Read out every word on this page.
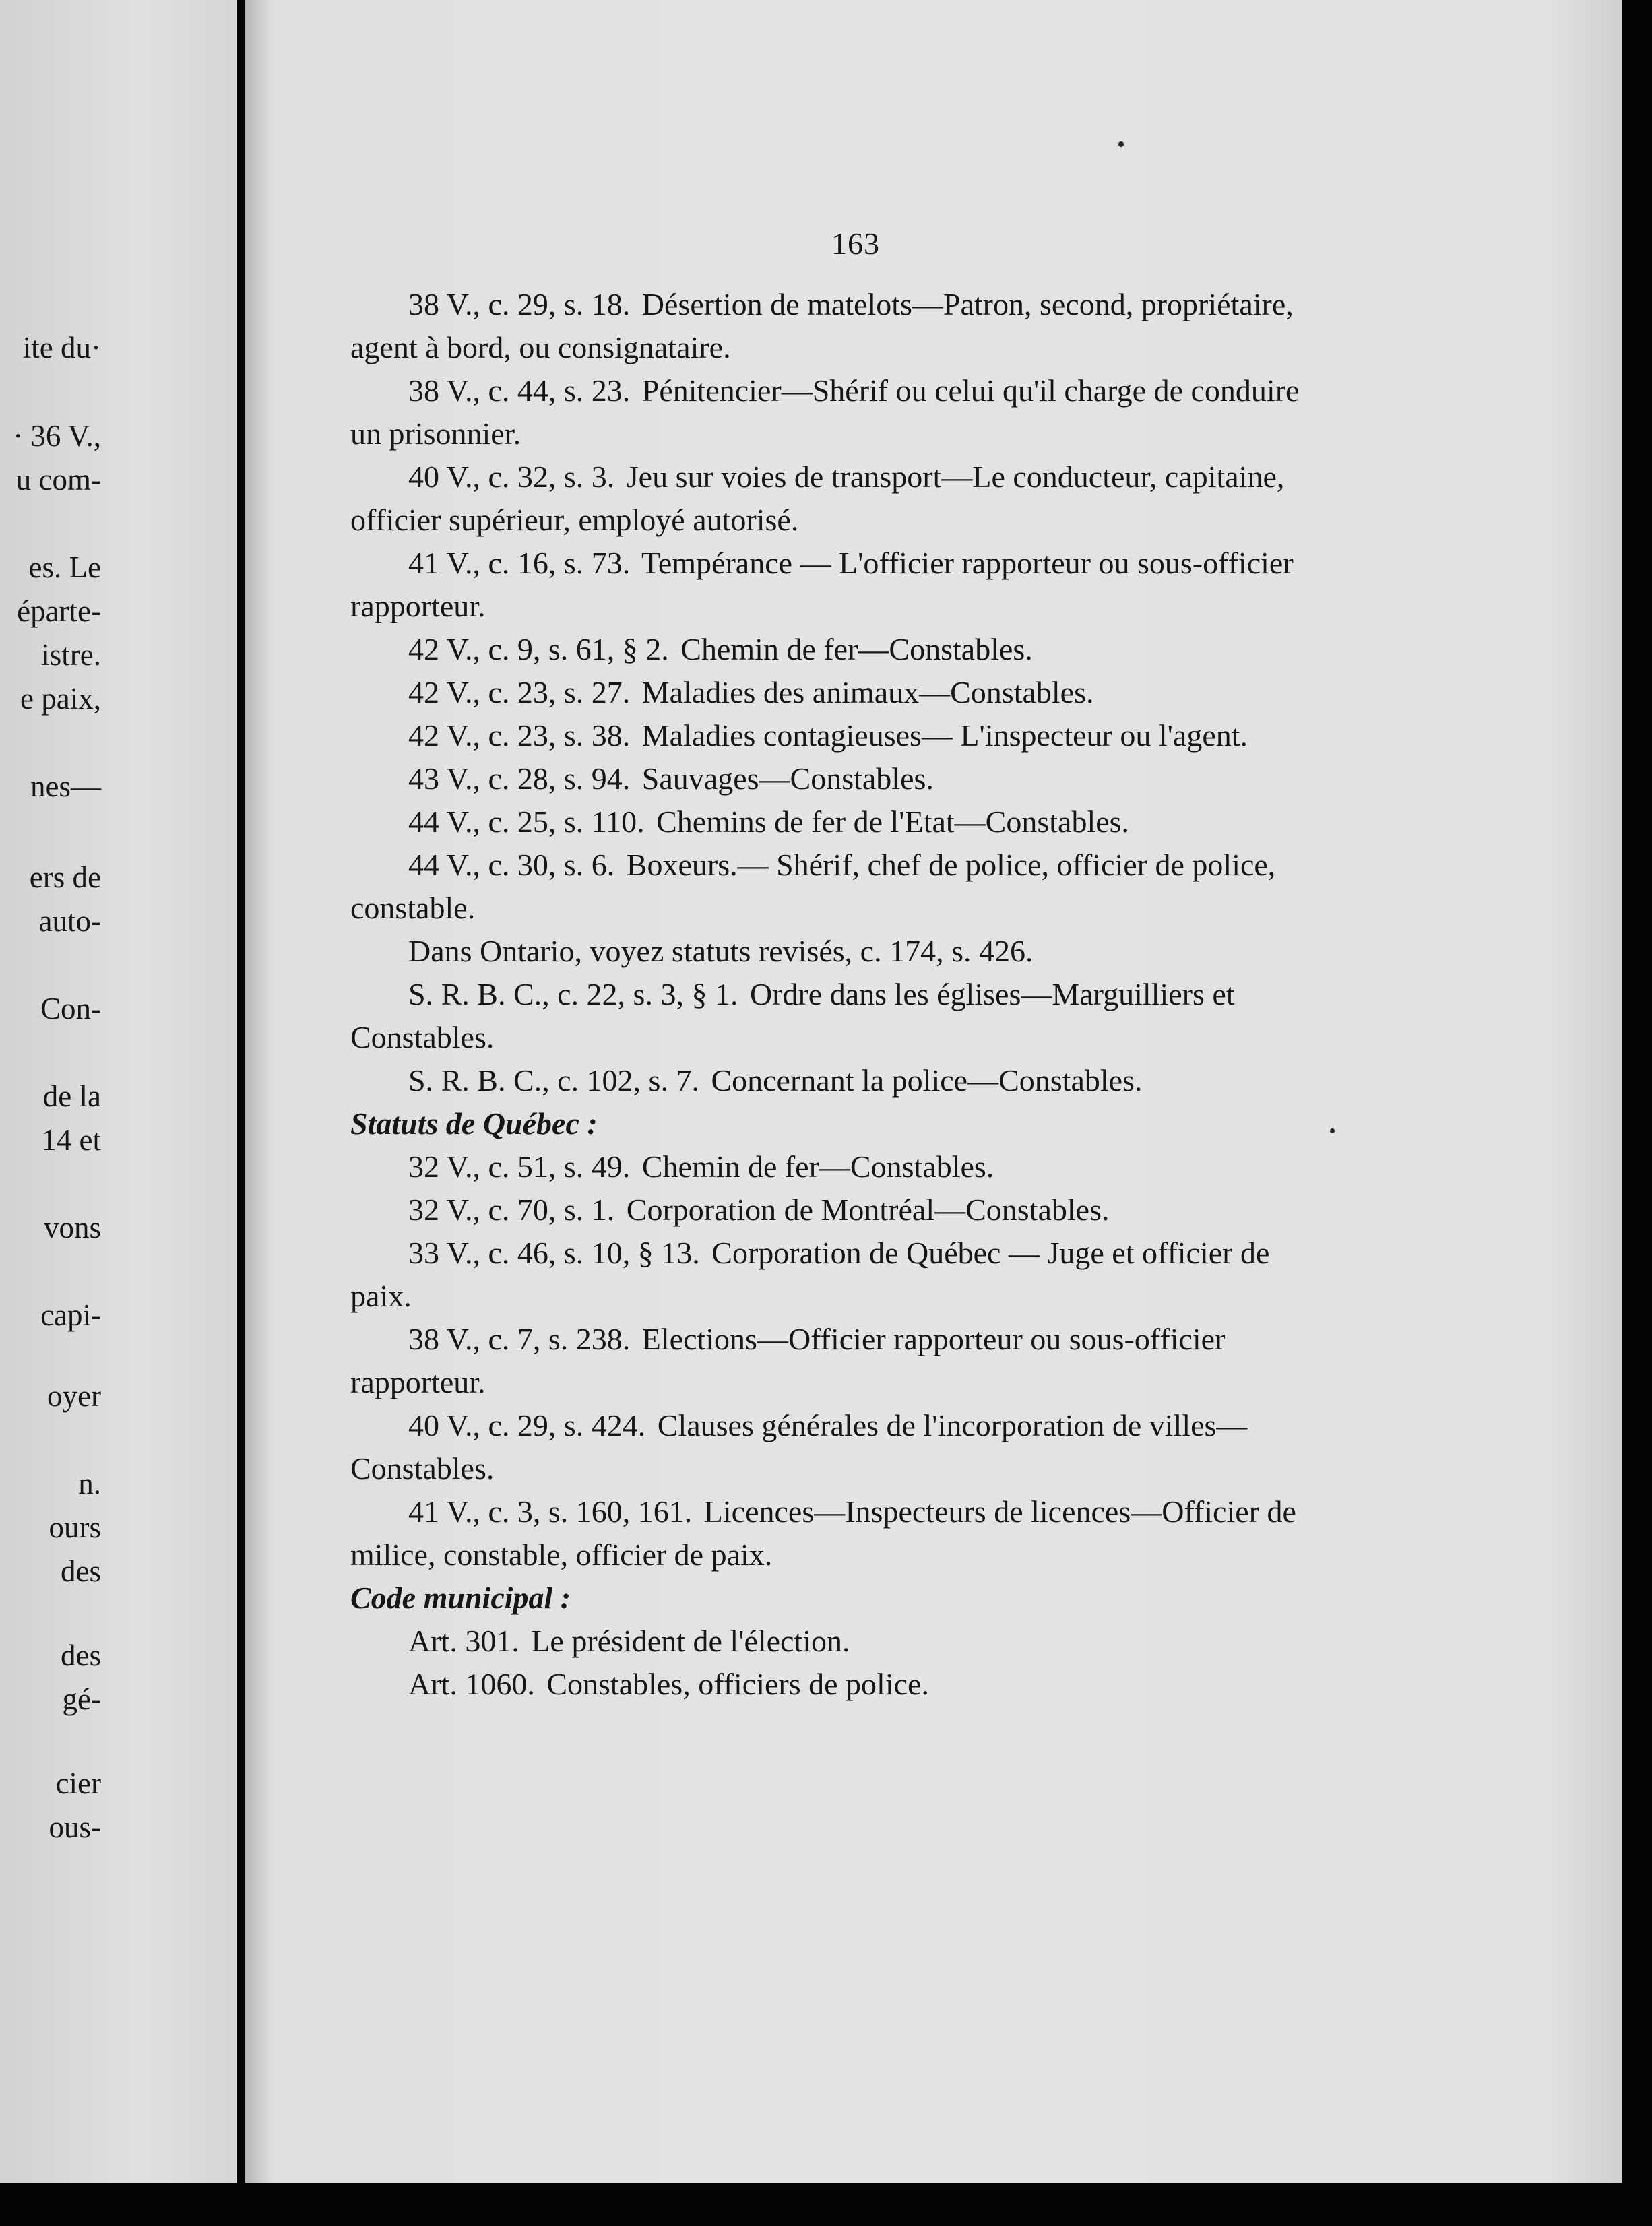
ite du·
· 36 V.,
u com-
es. Le
éparte-
istre.
e paix,
nes—
ers de
auto-
Con-
de la
14 et
vons
capi-
oyer
n.
ours
des
des
gé-
cier
ous-
163

38 V., c. 29, s. 18. Désertion de matelots—Patron, second, propriétaire, agent à bord, ou consignataire.

38 V., c. 44, s. 23. Pénitencier—Shérif ou celui qu'il charge de conduire un prisonnier.

40 V., c. 32, s. 3. Jeu sur voies de transport—Le conducteur, capitaine, officier supérieur, employé autorisé.

41 V., c. 16, s. 73. Tempérance — L'officier rapporteur ou sous-officier rapporteur.

42 V., c. 9, s. 61, § 2. Chemin de fer—Constables.

42 V., c. 23, s. 27. Maladies des animaux—Constables.

42 V., c. 23, s. 38. Maladies contagieuses— L'inspecteur ou l'agent.

43 V., c. 28, s. 94. Sauvages—Constables.

44 V., c. 25, s. 110. Chemins de fer de l'Etat—Constables.

44 V., c. 30, s. 6. Boxeurs.— Shérif, chef de police, officier de police, constable.

Dans Ontario, voyez statuts revisés, c. 174, s. 426.

S. R. B. C., c. 22, s. 3, § 1. Ordre dans les églises—Marguilliers et Constables.

S. R. B. C., c. 102, s. 7. Concernant la police—Constables.

Statuts de Québec :

32 V., c. 51, s. 49. Chemin de fer—Constables.

32 V., c. 70, s. 1. Corporation de Montréal—Constables.

33 V., c. 46, s. 10, § 13. Corporation de Québec — Juge et officier de paix.

38 V., c. 7, s. 238. Elections—Officier rapporteur ou sous-officier rapporteur.

40 V., c. 29, s. 424. Clauses générales de l'incorporation de villes—Constables.

41 V., c. 3, s. 160, 161. Licences—Inspecteurs de licences—Officier de milice, constable, officier de paix.

Code municipal :

Art. 301. Le président de l'élection.

Art. 1060. Constables, officiers de police.
